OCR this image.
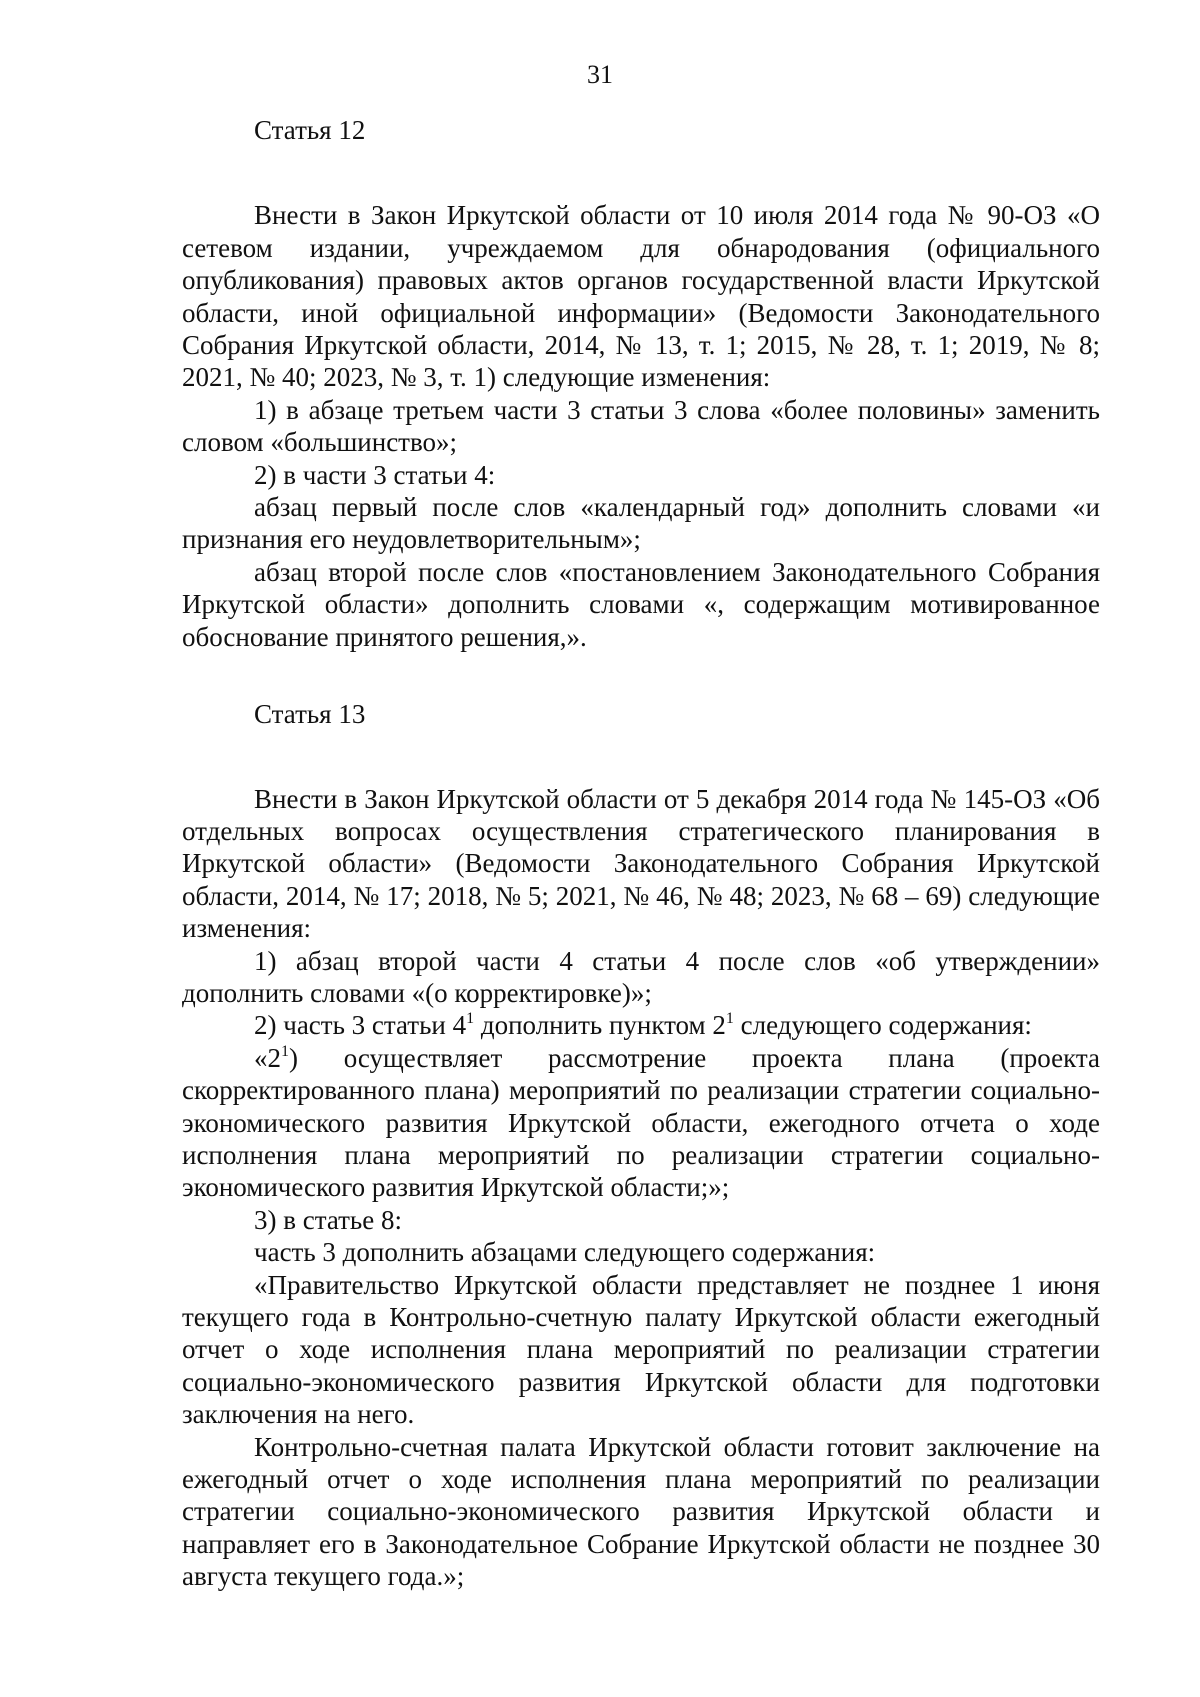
31
Статья 12

Внести в Закон Иркутской области от 10 июля 2014 года № 90-ОЗ «О сетевом издании, учреждаемом для обнародования (официального опубликования) правовых актов органов государственной власти Иркутской области, иной официальной информации» (Ведомости Законодательного Собрания Иркутской области, 2014, № 13, т. 1; 2015, № 28, т. 1; 2019, № 8; 2021, № 40; 2023, № 3, т. 1) следующие изменения:

1) в абзаце третьем части 3 статьи 3 слова «более половины» заменить словом «большинство»;

2) в части 3 статьи 4:

абзац первый после слов «календарный год» дополнить словами «и признания его неудовлетворительным»;

абзац второй после слов «постановлением Законодательного Собрания Иркутской области» дополнить словами «, содержащим мотивированное обоснование принятого решения,».

Статья 13

Внести в Закон Иркутской области от 5 декабря 2014 года № 145-ОЗ «Об отдельных вопросах осуществления стратегического планирования в Иркутской области» (Ведомости Законодательного Собрания Иркутской области, 2014, № 17; 2018, № 5; 2021, № 46, № 48; 2023, № 68 – 69) следующие изменения:

1) абзац второй части 4 статьи 4 после слов «об утверждении» дополнить словами «(о корректировке)»;

2) часть 3 статьи $4^1$ дополнить пунктом $2^1$ следующего содержания:

«$2^1$) осуществляет рассмотрение проекта плана (проекта скорректированного плана) мероприятий по реализации стратегии социально-экономического развития Иркутской области, ежегодного отчета о ходе исполнения плана мероприятий по реализации стратегии социально-экономического развития Иркутской области;»;

3) в статье 8:

часть 3 дополнить абзацами следующего содержания:

«Правительство Иркутской области представляет не позднее 1 июня текущего года в Контрольно-счетную палату Иркутской области ежегодный отчет о ходе исполнения плана мероприятий по реализации стратегии социально-экономического развития Иркутской области для подготовки заключения на него.

Контрольно-счетная палата Иркутской области готовит заключение на ежегодный отчет о ходе исполнения плана мероприятий по реализации стратегии социально-экономического развития Иркутской области и направляет его в Законодательное Собрание Иркутской области не позднее 30 августа текущего года.»;
